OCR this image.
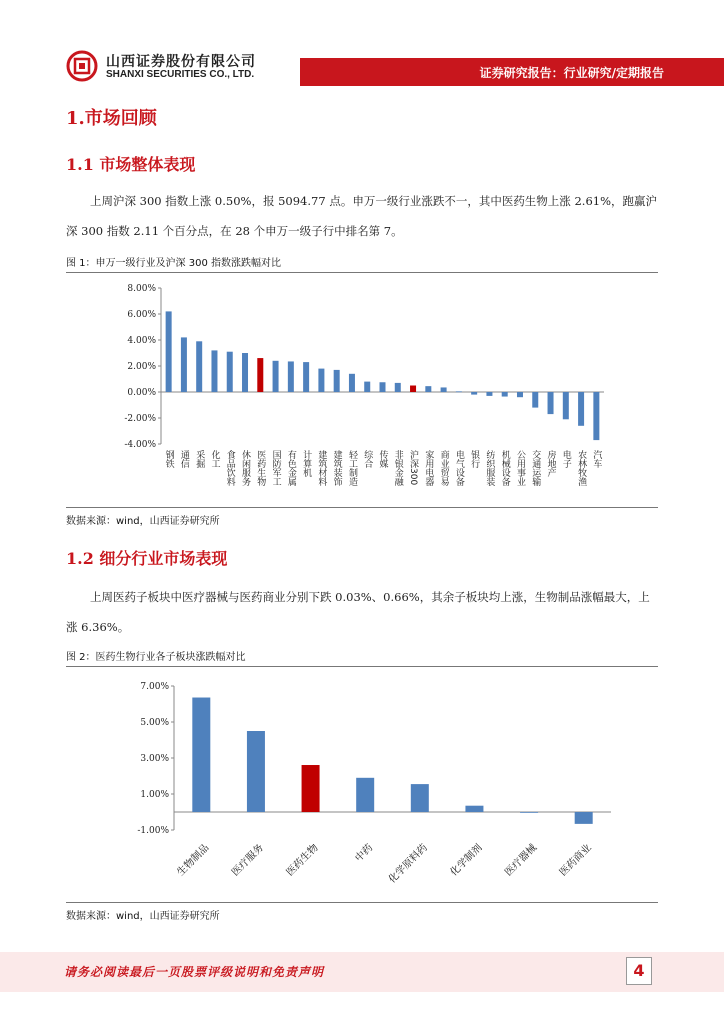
山西证券股份有限公司
SHANXI SECURITIES CO., LTD.	证券研究报告：行业研究/定期报告
1.市场回顾
1.1 市场整体表现
上周沪深 300 指数上涨 0.50%，报 5094.77 点。申万一级行业涨跌不一，其中医药生物上涨 2.61%，跑赢沪深 300 指数 2.11 个百分点，在 28 个申万一级子行中排名第 7。
图 1：申万一级行业及沪深 300 指数涨跌幅对比
8.00%
6.00%
4.00%
2.00%
0.00%
-2.00%
-4.00%
钢铁 通信 采掘 化工 食品饮料 休闲服务 医药生物 国防军工 有色金属 计算机 建筑材料 建筑装饰 轻工制造 综合 传媒 非银金融 沪深300 家用电器 商业贸易 电气设备 银行 纺织服装 机械设备 公用事业 交通运输 房地产 电子 农林牧渔 汽车
数据来源：wind，山西证券研究所
1.2 细分行业市场表现
上周医药子板块中医疗器械与医药商业分别下跌 0.03%、0.66%，其余子板块均上涨，生物制品涨幅最大，上涨 6.36%。
图 2：医药生物行业各子板块涨跌幅对比
7.00%
5.00%
3.00%
1.00%
-1.00%
生物制品 医疗服务 医药生物	中药 化学原料药 化学制剂 医疗器械 医药商业
数据来源：wind，山西证券研究所
请务必阅读最后一页股票评级说明和免责声明	4
